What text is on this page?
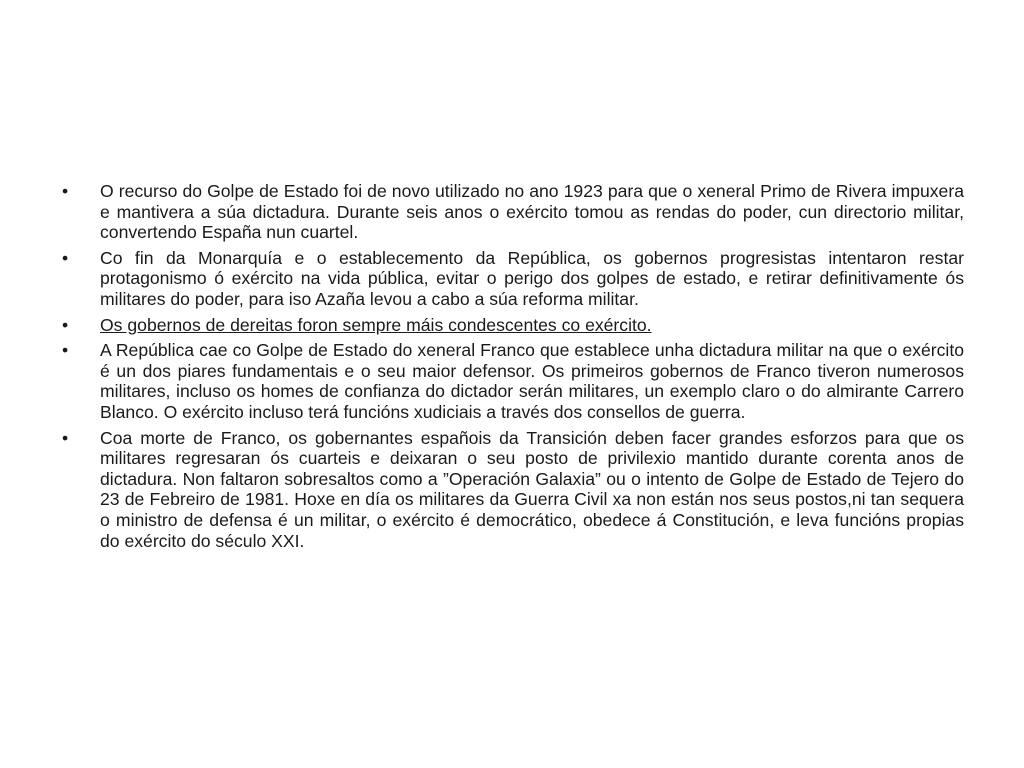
• O recurso do Golpe de Estado foi de novo utilizado no ano 1923 para que o xeneral Primo de Rivera impuxera e mantivera a súa dictadura. Durante seis anos o exército tomou as rendas do poder, cun directorio militar, convertendo España nun cuartel.
• Co fin da Monarquía e o establecemento da República, os gobernos progresistas intentaron restar protagonismo ó exército na vida pública, evitar o perigo dos golpes de estado, e retirar definitivamente ós militares do poder, para iso Azaña levou a cabo a súa reforma militar.
• Os gobernos de dereitas foron sempre máis condescentes co exército.
• A República cae co Golpe de Estado do xeneral Franco que establece unha dictadura militar na que o exército é un dos piares fundamentais e o seu maior defensor. Os primeiros gobernos de Franco tiveron numerosos militares, incluso os homes de confianza do dictador serán militares, un exemplo claro o do almirante Carrero Blanco. O exército incluso terá funcións xudiciais a través dos consellos de guerra.
• Coa morte de Franco, os gobernantes españois da Transición deben facer grandes esforzos para que os militares regresaran ós cuarteis e deixaran o seu posto de privilexio mantido durante corenta anos de dictadura. Non faltaron sobresaltos como a ”Operación Galaxia” ou o intento de Golpe de Estado de Tejero do 23 de Febreiro de 1981. Hoxe en día os militares da Guerra Civil xa non están nos seus postos,ni tan sequera o ministro de defensa é un militar, o exército é democrático, obedece á Constitución, e leva funcións propias do exército do século XXI.
